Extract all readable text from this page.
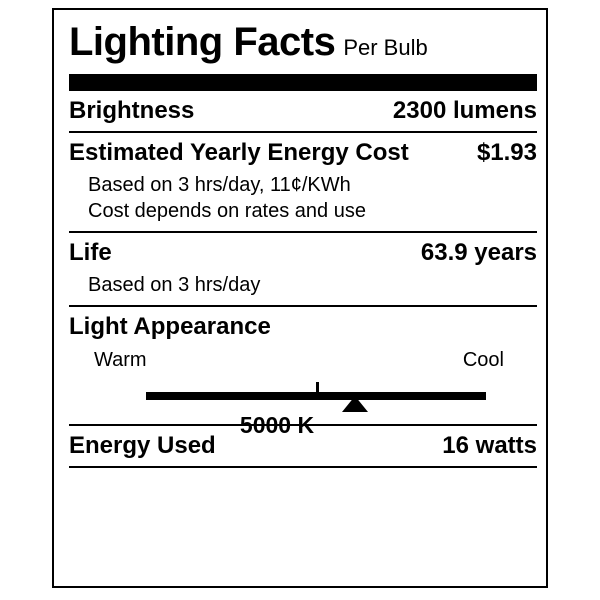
Lighting Facts Per Bulb
Brightness	2300 lumens
Estimated Yearly Energy Cost	$1.93
Based on 3 hrs/day, 11¢/KWh
Cost depends on rates and use
Life	63.9 years
Based on 3 hrs/day
Light Appearance
Warm	Cool
5000 K
Energy Used	16 watts
